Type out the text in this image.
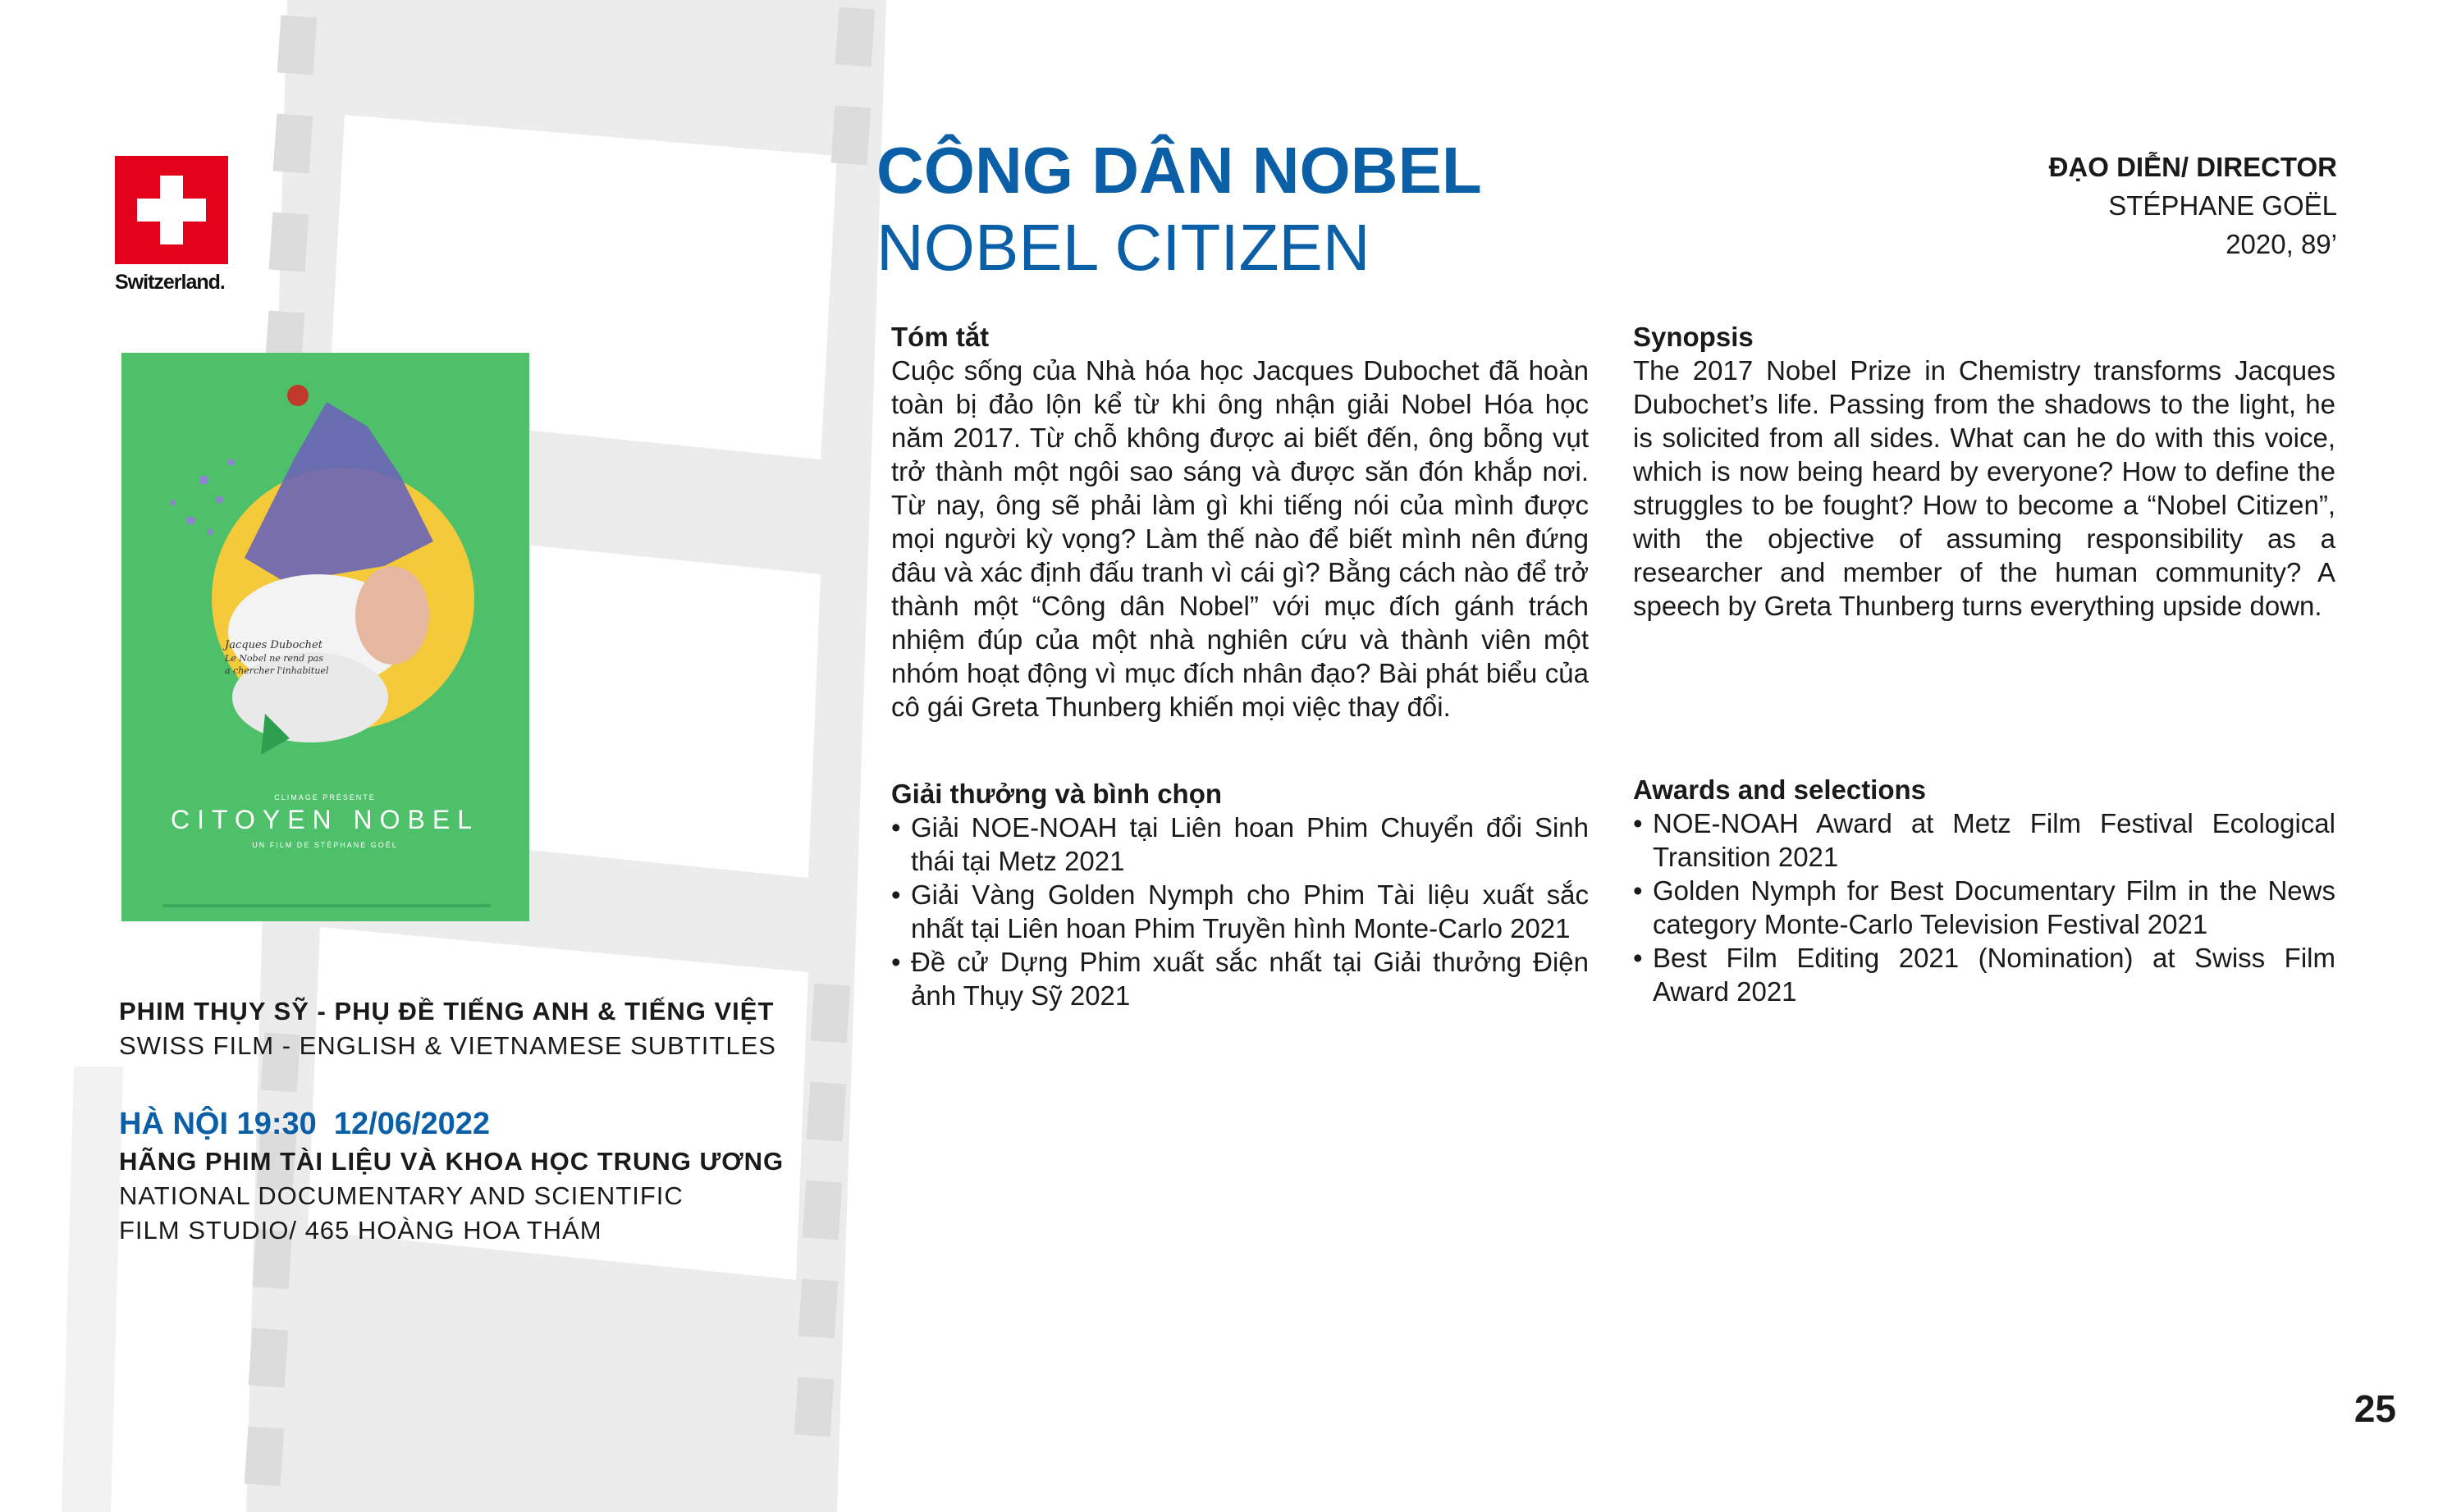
Switzerland.
Jacques Dubochet
Le Nobel ne rend pas
a chercher l'inhabituel
CLIMAGE PRÉSENTE
CITOYEN NOBEL
UN FILM DE STÉPHANE GOËL
CÔNG DÂN NOBEL
NOBEL CITIZEN
ĐẠO DIỄN/ DIRECTOR
STÉPHANE GOËL
2020, 89’
Tóm tắt
Cuộc sống của Nhà hóa học Jacques Dubochet đã hoàn toàn bị đảo lộn kể từ khi ông nhận giải Nobel Hóa học năm 2017. Từ chỗ không được ai biết đến, ông bỗng vụt trở thành một ngôi sao sáng và được săn đón khắp nơi. Từ nay, ông sẽ phải làm gì khi tiếng nói của mình được mọi người kỳ vọng? Làm thế nào để biết mình nên đứng đâu và xác định đấu tranh vì cái gì? Bằng cách nào để trở thành một “Công dân Nobel” với mục đích gánh trách nhiệm đúp của một nhà nghiên cứu và thành viên một nhóm hoạt động vì mục đích nhân đạo? Bài phát biểu của cô gái Greta Thunberg khiến mọi việc thay đổi.
Synopsis
The 2017 Nobel Prize in Chemistry transforms Jacques Dubochet’s life. Passing from the shadows to the light, he is solicited from all sides. What can he do with this voice, which is now being heard by everyone? How to define the struggles to be fought? How to become a “Nobel Citizen”, with the objective of assuming responsibility as a researcher and member of the human community? A speech by Greta Thunberg turns everything upside down.
Giải thưởng và bình chọn
• Giải NOE-NOAH tại Liên hoan Phim Chuyển đổi Sinh thái tại Metz 2021
• Giải Vàng Golden Nymph cho Phim Tài liệu xuất sắc nhất tại Liên hoan Phim Truyền hình Monte-Carlo 2021
• Đề cử Dựng Phim xuất sắc nhất tại Giải thưởng Điện ảnh Thụy Sỹ 2021
Awards and selections
• NOE-NOAH Award at Metz Film Festival Ecological Transition 2021
• Golden Nymph for Best Documentary Film in the News category Monte-Carlo Television Festival 2021
• Best Film Editing 2021 (Nomination) at Swiss Film Award 2021
PHIM THỤY SỸ - PHỤ ĐỀ TIẾNG ANH & TIẾNG VIỆT
SWISS FILM - ENGLISH & VIETNAMESE SUBTITLES
HÀ NỘI 19:30  12/06/2022
HÃNG PHIM TÀI LIỆU VÀ KHOA HỌC TRUNG ƯƠNG
NATIONAL DOCUMENTARY AND SCIENTIFIC
FILM STUDIO/ 465 HOÀNG HOA THÁM
25
